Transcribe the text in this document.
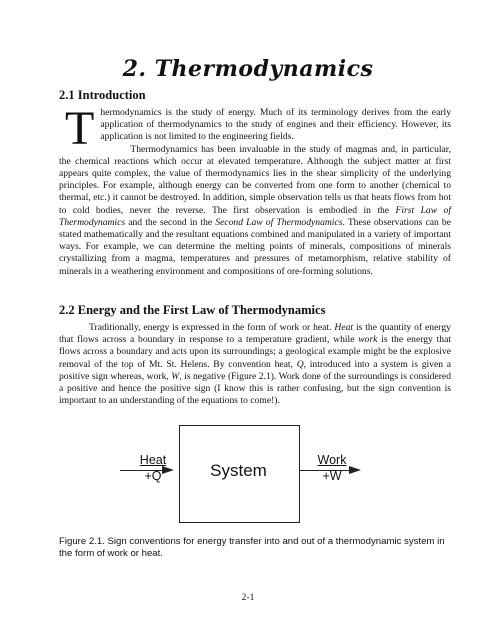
2. Thermodynamics
2.1 Introduction
Thermodynamics is the study of energy. Much of its terminology derives from the early application of thermodynamics to the study of engines and their efficiency. However, its application is not limited to the engineering fields.
Thermodynamics has been invaluable in the study of magmas and, in particular, the chemical reactions which occur at elevated temperature. Although the subject matter at first appears quite complex, the value of thermodynamics lies in the shear simplicity of the underlying principles. For example, although energy can be converted from one form to another (chemical to thermal, etc.) it cannot be destroyed. In addition, simple observation tells us that heats flows from hot to cold bodies, never the reverse. The first observation is embodied in the First Law of Thermodynamics and the second in the Second Law of Thermodynamics. These observations can be stated mathematically and the resultant equations combined and manipulated in a variety of important ways. For example, we can determine the melting points of minerals, compositions of minerals crystallizing from a magma, temperatures and pressures of metamorphism, relative stability of minerals in a weathering environment and compositions of ore-forming solutions.
2.2 Energy and the First Law of Thermodynamics
Traditionally, energy is expressed in the form of work or heat. Heat is the quantity of energy that flows across a boundary in response to a temperature gradient, while work is the energy that flows across a boundary and acts upon its surroundings; a geological example might be the explosive removal of the top of Mt. St. Helens. By convention heat, Q, introduced into a system is given a positive sign whereas, work, W, is negative (Figure 2.1). Work done of the surroundings is considered a positive and hence the positive sign (I know this is rather confusing, but the sign convention is important to an understanding of the equations to come!).
System
Heat
+Q
Work
+W
Figure 2.1. Sign conventions for energy transfer into and out of a thermodynamic system in the form of work or heat.
2-1
